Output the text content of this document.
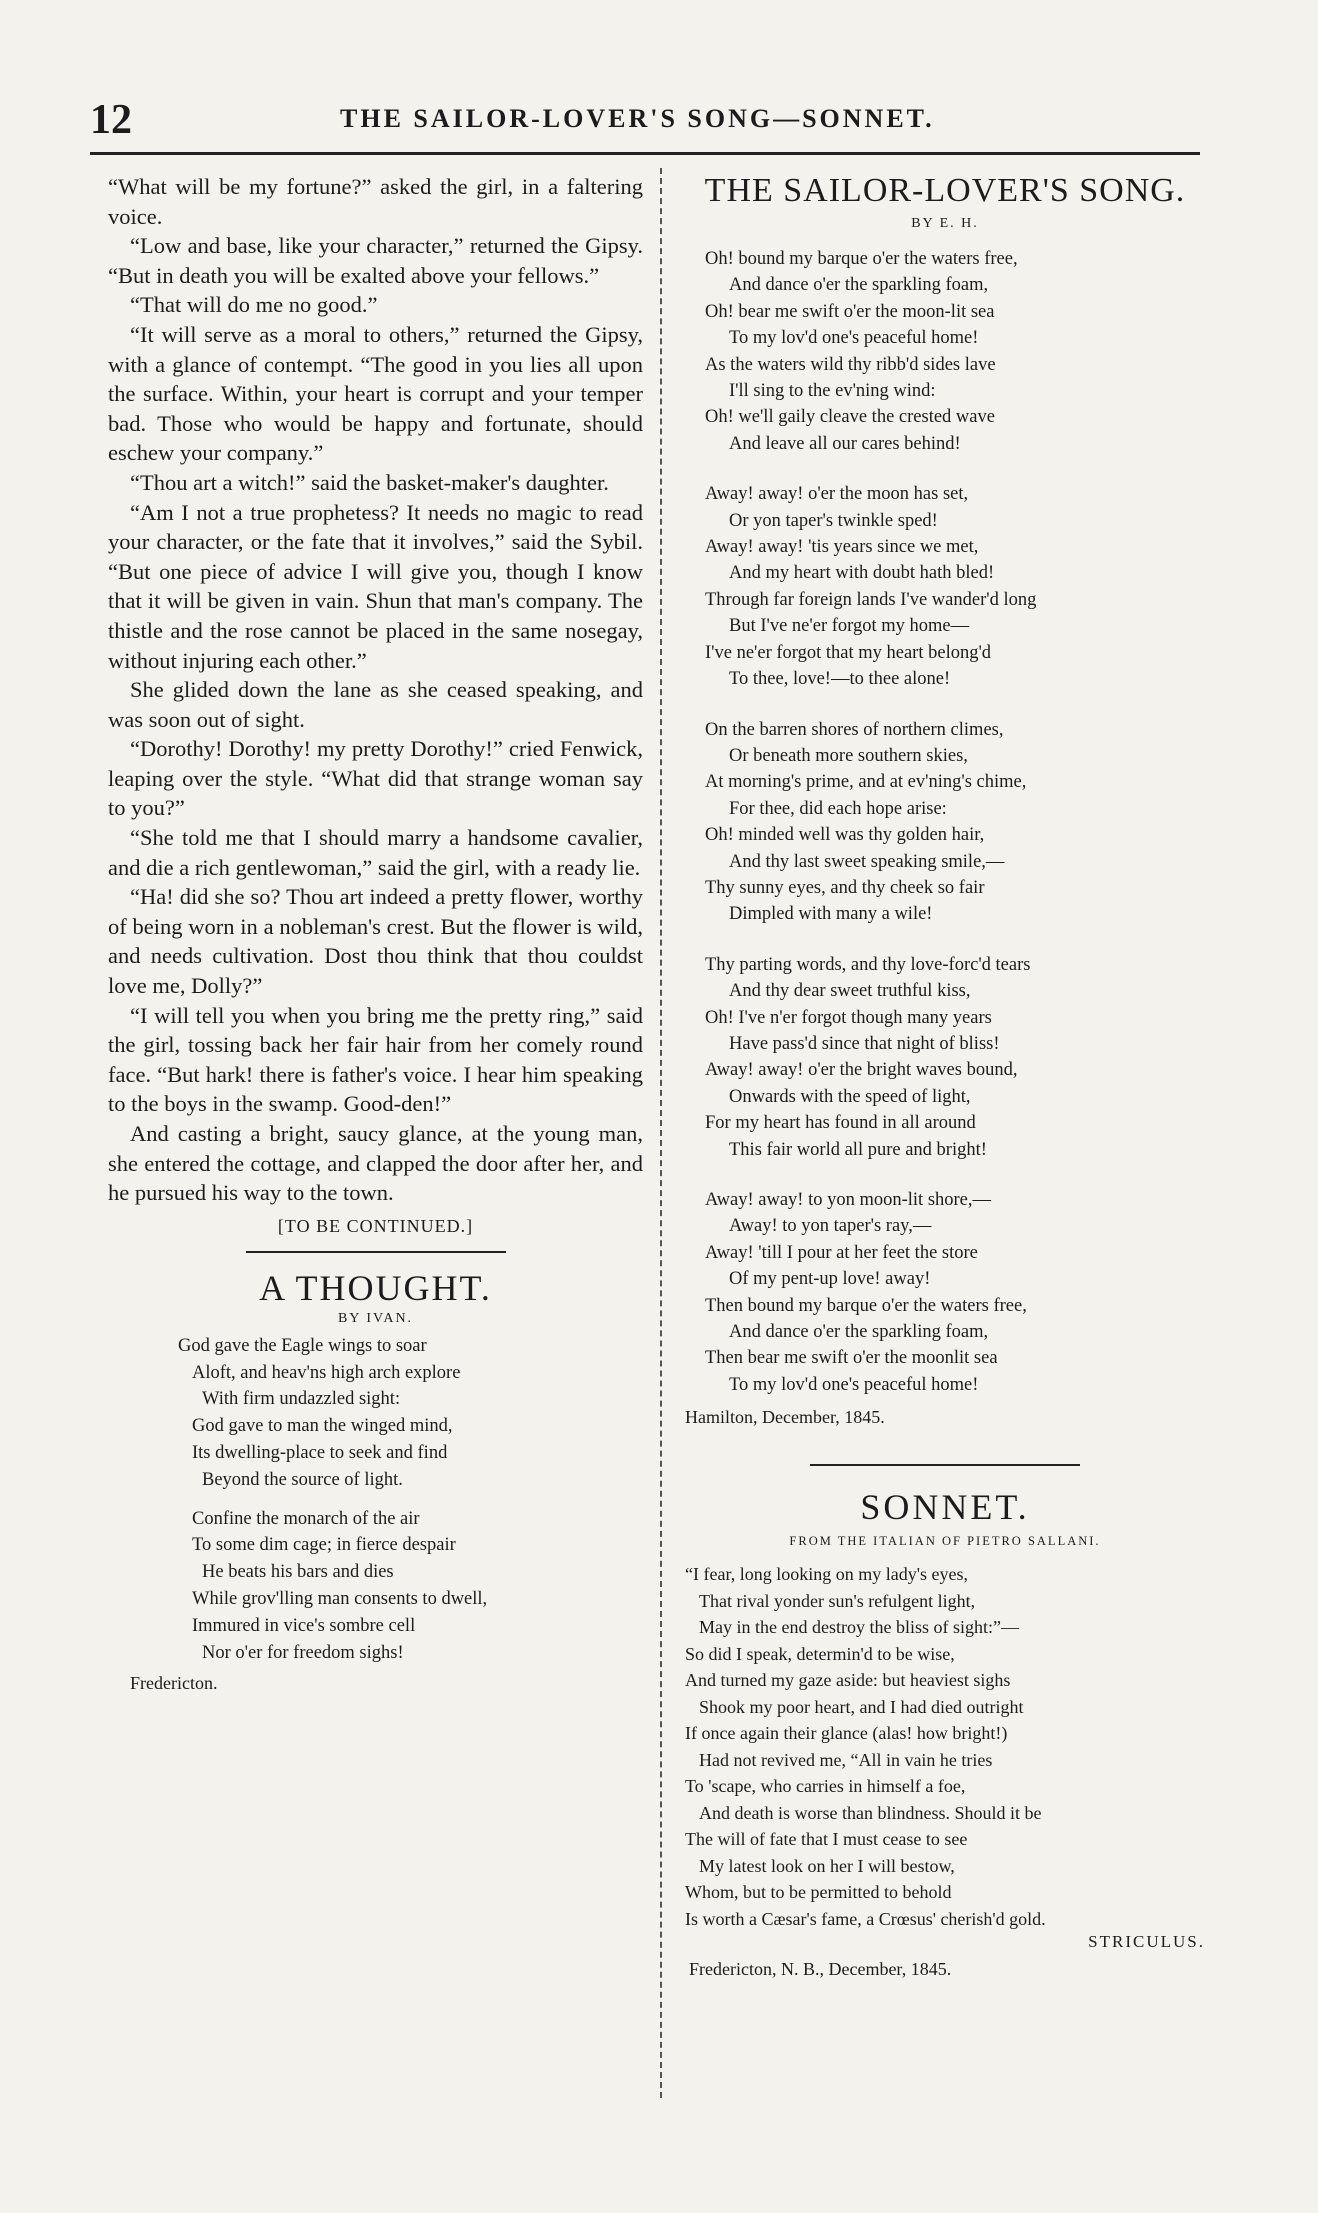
12	THE SAILOR-LOVER'S SONG—SONNET.

“What will be my fortune?” asked the girl, in a faltering voice.

“Low and base, like your character,” returned the Gipsy. “But in death you will be exalted above your fellows.”

“That will do me no good.”

“It will serve as a moral to others,” returned the Gipsy, with a glance of contempt. “The good in you lies all upon the surface. Within, your heart is corrupt and your temper bad. Those who would be happy and fortunate, should eschew your company.”

“Thou art a witch!” said the basket-maker's daughter.

“Am I not a true prophetess? It needs no magic to read your character, or the fate that it involves,” said the Sybil. “But one piece of advice I will give you, though I know that it will be given in vain. Shun that man's company. The thistle and the rose cannot be placed in the same nosegay, without injuring each other.”

She glided down the lane as she ceased speaking, and was soon out of sight.

“Dorothy! Dorothy! my pretty Dorothy!” cried Fenwick, leaping over the style. “What did that strange woman say to you?”

“She told me that I should marry a handsome cavalier, and die a rich gentlewoman,” said the girl, with a ready lie.

“Ha! did she so? Thou art indeed a pretty flower, worthy of being worn in a nobleman's crest. But the flower is wild, and needs cultivation. Dost thou think that thou couldst love me, Dolly?”

“I will tell you when you bring me the pretty ring,” said the girl, tossing back her fair hair from her comely round face. “But hark! there is father's voice. I hear him speaking to the boys in the swamp. Good-den!”

And casting a bright, saucy glance, at the young man, she entered the cottage, and clapped the door after her, and he pursued his way to the town.

[TO BE CONTINUED.]
A THOUGHT.
BY IVAN.
God gave the Eagle wings to soar
Aloft, and heav'ns high arch explore
With firm undazzled sight:
God gave to man the winged mind,
Its dwelling-place to seek and find
Beyond the source of light.
Confine the monarch of the air
To some dim cage; in fierce despair
He beats his bars and dies
While grov'lling man consents to dwell,
Immured in vice's sombre cell
Nor o'er for freedom sighs!
Fredericton.
THE SAILOR-LOVER'S SONG.
BY E. H.
Oh! bound my barque o'er the waters free,
And dance o'er the sparkling foam,
Oh! bear me swift o'er the moon-lit sea
To my lov'd one's peaceful home!
As the waters wild thy ribb'd sides lave
I'll sing to the ev'ning wind:
Oh! we'll gaily cleave the crested wave
And leave all our cares behind!
Away! away! o'er the moon has set,
Or yon taper's twinkle sped!
Away! away! 'tis years since we met,
And my heart with doubt hath bled!
Through far foreign lands I've wander'd long
But I've ne'er forgot my home—
I've ne'er forgot that my heart belong'd
To thee, love!—to thee alone!
On the barren shores of northern climes,
Or beneath more southern skies,
At morning's prime, and at ev'ning's chime,
For thee, did each hope arise:
Oh! minded well was thy golden hair,
And thy last sweet speaking smile,—
Thy sunny eyes, and thy cheek so fair
Dimpled with many a wile!
Thy parting words, and thy love-forc'd tears
And thy dear sweet truthful kiss,
Oh! I've n'er forgot though many years
Have pass'd since that night of bliss!
Away! away! o'er the bright waves bound,
Onwards with the speed of light,
For my heart has found in all around
This fair world all pure and bright!
Away! away! to yon moon-lit shore,—
Away! to yon taper's ray,—
Away! 'till I pour at her feet the store
Of my pent-up love! away!
Then bound my barque o'er the waters free,
And dance o'er the sparkling foam,
Then bear me swift o'er the moonlit sea
To my lov'd one's peaceful home!
Hamilton, December, 1845.
SONNET.
FROM THE ITALIAN OF PIETRO SALLANI.
“I fear, long looking on my lady's eyes,
That rival yonder sun's refulgent light,
May in the end destroy the bliss of sight:”—
So did I speak, determin'd to be wise,
And turned my gaze aside: but heaviest sighs
Shook my poor heart, and I had died outright
If once again their glance (alas! how bright!)
Had not revived me, “All in vain he tries
To 'scape, who carries in himself a foe,
And death is worse than blindness. Should it be
The will of fate that I must cease to see
My latest look on her I will bestow,
Whom, but to be permitted to behold
Is worth a Cæsar's fame, a Crœsus' cherish'd gold.
STRICULUS.
Fredericton, N. B., December, 1845.
